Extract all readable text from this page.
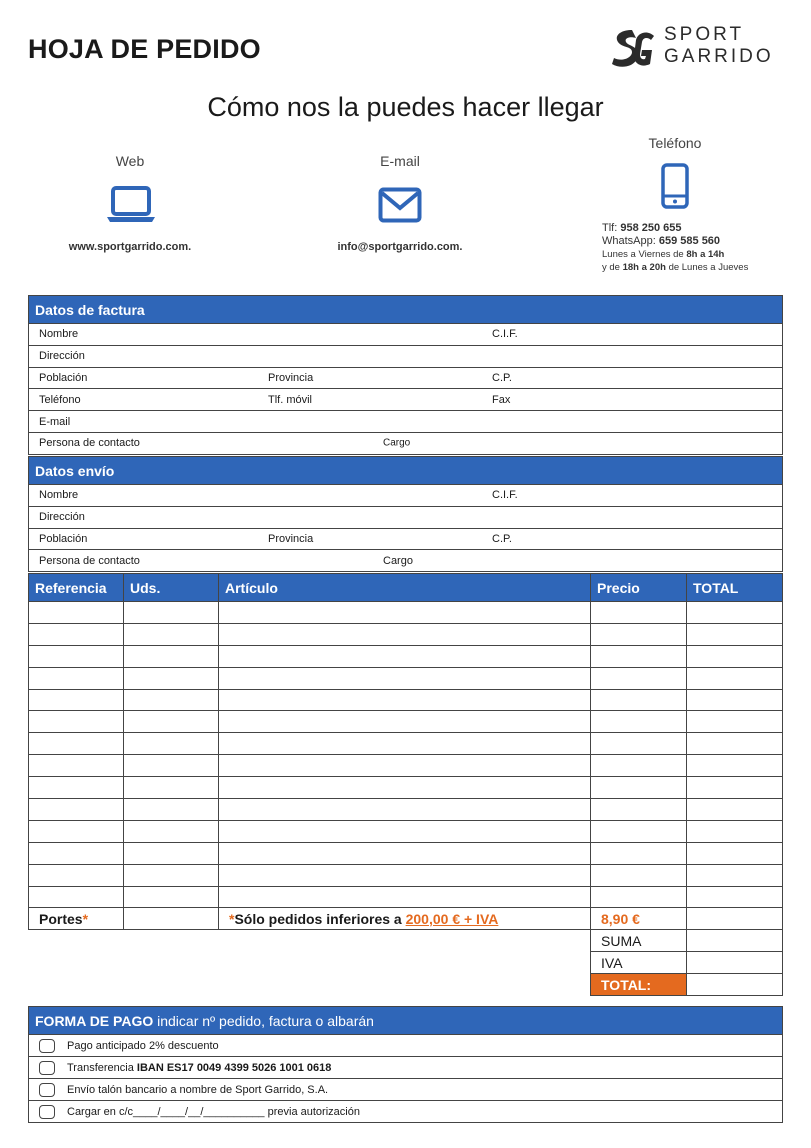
HOJA DE PEDIDO	SPORT
GARRIDO
Cómo nos la puedes hacer llegar
Web
www.sportgarrido.com.
E-mail
info@sportgarrido.com.
Teléfono
Tlf: 958 250 655
WhatsApp: 659 585 560
Lunes a Viernes de 8h a 14h
y de 18h a 20h de Lunes a Jueves
Datos de factura

Nombre	C.I.F.

Dirección

Población	Provincia	C.P.

Teléfono	Tlf. móvil	Fax

E-mail

Persona de contacto	Cargo
Datos envío

Nombre	C.I.F.

Dirección

Población	Provincia	C.P.

Persona de contacto	Cargo
Referencia	Uds.	Artículo	Precio	TOTAL

Portes*		*Sólo pedidos inferiores a 200,00 € + IVA	8,90 €	
			SUMA	
			IVA	
			TOTAL:	
FORMA DE PAGO indicar nº pedido, factura o albarán
Pago anticipado 2% descuento
Transferencia IBAN ES17 0049 4399 5026 1001 0618
Envío talón bancario a nombre de Sport Garrido, S.A.
Cargar en c/c____/____/__/__________ previa autorización
